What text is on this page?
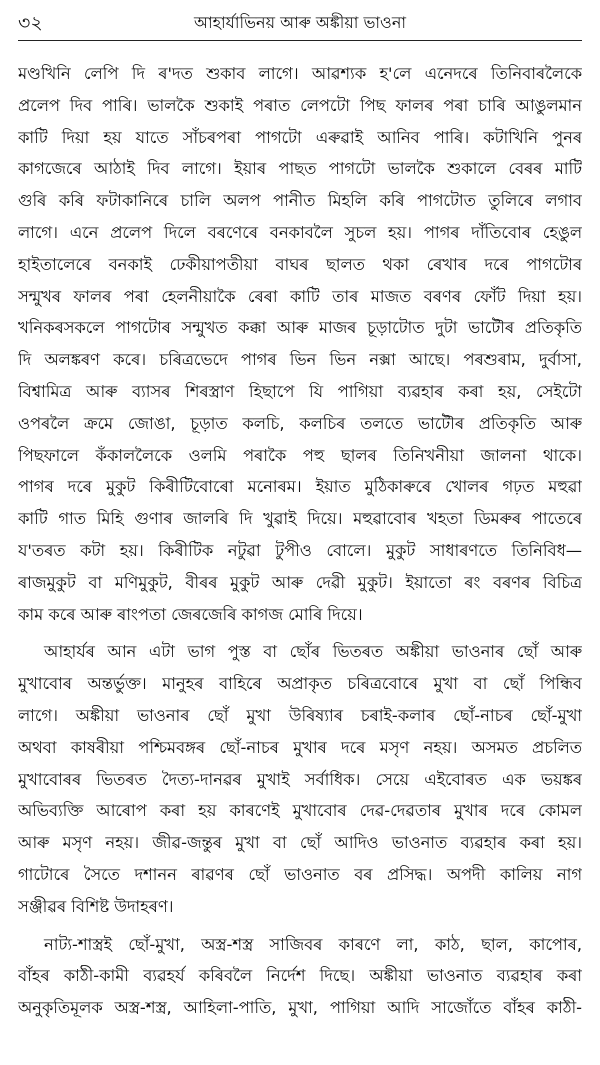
৩২	আহাৰ্যাভিনয় আৰু অঙ্কীয়া ভাওনা
মণ্ডখিনি লেপি দি ৰ'দত শুকাব লাগে। আৱশ্যক হ'লে এনেদৰে তিনিবাৰলৈকে
প্রলেপ দিব পাৰি। ভালকৈ শুকাই পৰাত লেপটো পিছ ফালৰ পৰা চাৰি আঙুলমান
কাটি দিয়া হয় যাতে সাঁচৰপৰা পাগটো এৰুৱাই আনিব পাৰি। কটাখিনি পুনৰ
কাগজেৰে আঠাই দিব লাগে। ইয়াৰ পাছত পাগটো ভালকৈ শুকালে বেৰৰ মাটি
গুৰি কৰি ফটাকানিৰে চালি অলপ পানীত মিহলি কৰি পাগটোত তুলিৰে লগাব
লাগে। এনে প্রলেপ দিলে বৰণেৰে বনকাবলৈ সুচল হয়। পাগৰ দাঁতিবোৰ হেঙুল
হাইতালেৰে বনকাই ঢেকীয়াপতীয়া বাঘৰ ছালত থকা ৰেখাৰ দৰে পাগটোৰ
সন্মুখৰ ফালৰ পৰা হেলনীয়াকৈ ৰেৰা কাটি তাৰ মাজত বৰণৰ ফোঁট দিয়া হয়।
খনিকৰসকলে পাগটোৰ সন্মুখত কক্কা আৰু মাজৰ চূড়াটোত দুটা ভাটৌৰ প্রতিকৃতি
দি অলঙ্কৰণ কৰে। চৰিত্রভেদে পাগৰ ভিন ভিন নক্সা আছে। পৰশুৰাম, দুৰ্বাসা,
বিশ্বামিত্র আৰু ব্যাসৰ শিৰস্ত্রাণ হিছাপে যি পাগিয়া ব্যৱহাৰ কৰা হয়, সেইটো
ওপৰলৈ ক্রমে জোঙা, চূড়াত কলচি, কলচিৰ তলতে ভাটৌৰ প্রতিকৃতি আৰু
পিছফালে কঁকাললৈকে ওলমি পৰাকৈ পহু ছালৰ তিনিখনীয়া জালনা থাকে।
পাগৰ দৰে মুকুট কিৰীটিবোৰো মনোৰম। ইয়াত মুঠিকাৰুৰে খোলৰ গঢ়ত মহুৱা
কাটি গাত মিহি গুণাৰ জালৰি দি খুৱাই দিয়ে। মহুৱাবোৰ খহতা ডিমৰুৰ পাতেৰে
য'তৰত কটা হয়। কিৰীটিক নটুৱা টুপীও বোলে। মুকুট সাধাৰণতে তিনিবিধ—
ৰাজমুকুট বা মণিমুকুট, বীৰৰ মুকুট আৰু দেৱী মুকুট। ইয়াতো ৰং বৰণৰ বিচিত্র
কাম কৰে আৰু ৰাংপতা জেৰজেৰি কাগজ মোৰি দিয়ে।
আহাৰ্যৰ আন এটা ভাগ পুস্ত বা ছোঁৰ ভিতৰত অঙ্কীয়া ভাওনাৰ ছোঁ আৰু
মুখাবোৰ অন্তৰ্ভুক্ত। মানুহৰ বাহিৰে অপ্রাকৃত চৰিত্রবোৰে মুখা বা ছোঁ পিন্ধিব
লাগে। অঙ্কীয়া ভাওনাৰ ছোঁ মুখা উৰিষ্যাৰ চৰাই-কলাৰ ছোঁ-নাচৰ ছোঁ-মুখা
অথবা কাষৰীয়া পশ্চিমবঙ্গৰ ছোঁ-নাচৰ মুখাৰ দৰে মসৃণ নহয়। অসমত প্রচলিত
মুখাবোৰৰ ভিতৰত দৈত্য-দানৱৰ মুখাই সৰ্বাধিক। সেয়ে এইবোৰত এক ভয়ঙ্কৰ
অভিব্যক্তি আৰোপ কৰা হয় কাৰণেই মুখাবোৰ দেৱ-দেৱতাৰ মুখাৰ দৰে কোমল
আৰু মসৃণ নহয়। জীৱ-জন্তুৰ মুখা বা ছোঁ আদিও ভাওনাত ব্যৱহাৰ কৰা হয়।
গাটোৰে সৈতে দশানন ৰাৱণৰ ছোঁ ভাওনাত বৰ প্রসিদ্ধ। অপদী কালিয় নাগ
সঞ্জীৱৰ বিশিষ্ট উদাহৰণ।
নাট্য-শাস্ত্রই ছোঁ-মুখা, অস্ত্র-শস্ত্র সাজিবৰ কাৰণে লা, কাঠ, ছাল, কাপোৰ,
বাঁহৰ কাঠী-কামী ব্যৱহৰ্য কৰিবলৈ নিৰ্দেশ দিছে। অঙ্কীয়া ভাওনাত ব্যৱহাৰ কৰা
অনুকৃতিমূলক অস্ত্র-শস্ত্র, আহিলা-পাতি, মুখা, পাগিয়া আদি সাজোঁতে বাঁহৰ কাঠী-
